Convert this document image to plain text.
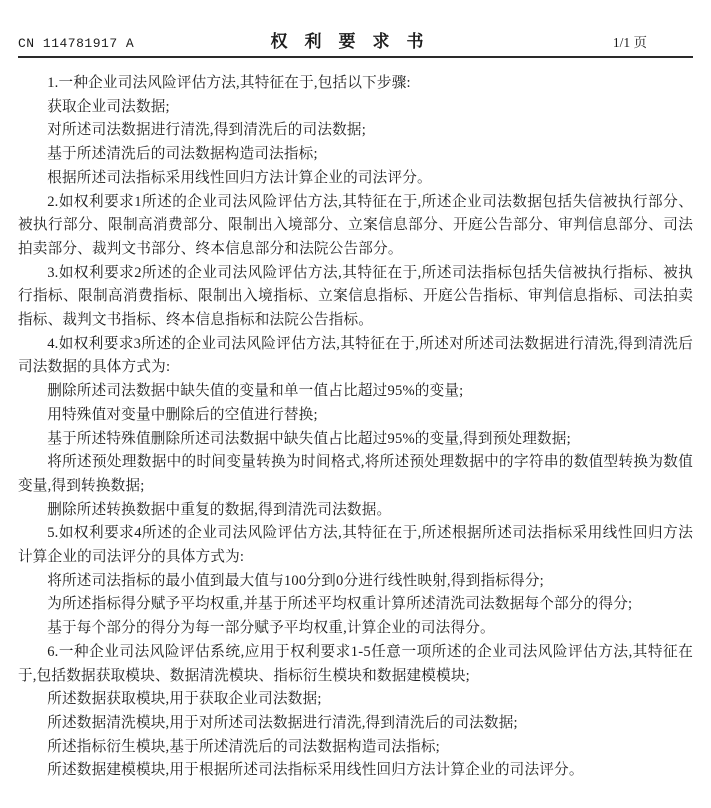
CN 114781917 A	权利要求书	1/1 页

1.一种企业司法风险评估方法,其特征在于,包括以下步骤:

获取企业司法数据;

对所述司法数据进行清洗,得到清洗后的司法数据;

基于所述清洗后的司法数据构造司法指标;

根据所述司法指标采用线性回归方法计算企业的司法评分。

2.如权利要求1所述的企业司法风险评估方法,其特征在于,所述企业司法数据包括失信被执行部分、被执行部分、限制高消费部分、限制出入境部分、立案信息部分、开庭公告部分、审判信息部分、司法拍卖部分、裁判文书部分、终本信息部分和法院公告部分。

3.如权利要求2所述的企业司法风险评估方法,其特征在于,所述司法指标包括失信被执行指标、被执行指标、限制高消费指标、限制出入境指标、立案信息指标、开庭公告指标、审判信息指标、司法拍卖指标、裁判文书指标、终本信息指标和法院公告指标。

4.如权利要求3所述的企业司法风险评估方法,其特征在于,所述对所述司法数据进行清洗,得到清洗后司法数据的具体方式为:

删除所述司法数据中缺失值的变量和单一值占比超过95%的变量;

用特殊值对变量中删除后的空值进行替换;

基于所述特殊值删除所述司法数据中缺失值占比超过95%的变量,得到预处理数据;

将所述预处理数据中的时间变量转换为时间格式,将所述预处理数据中的字符串的数值型转换为数值变量,得到转换数据;

删除所述转换数据中重复的数据,得到清洗司法数据。

5.如权利要求4所述的企业司法风险评估方法,其特征在于,所述根据所述司法指标采用线性回归方法计算企业的司法评分的具体方式为:

将所述司法指标的最小值到最大值与100分到0分进行线性映射,得到指标得分;

为所述指标得分赋予平均权重,并基于所述平均权重计算所述清洗司法数据每个部分的得分;

基于每个部分的得分为每一部分赋予平均权重,计算企业的司法得分。

6.一种企业司法风险评估系统,应用于权利要求1-5任意一项所述的企业司法风险评估方法,其特征在于,包括数据获取模块、数据清洗模块、指标衍生模块和数据建模模块;

所述数据获取模块,用于获取企业司法数据;

所述数据清洗模块,用于对所述司法数据进行清洗,得到清洗后的司法数据;

所述指标衍生模块,基于所述清洗后的司法数据构造司法指标;

所述数据建模模块,用于根据所述司法指标采用线性回归方法计算企业的司法评分。
